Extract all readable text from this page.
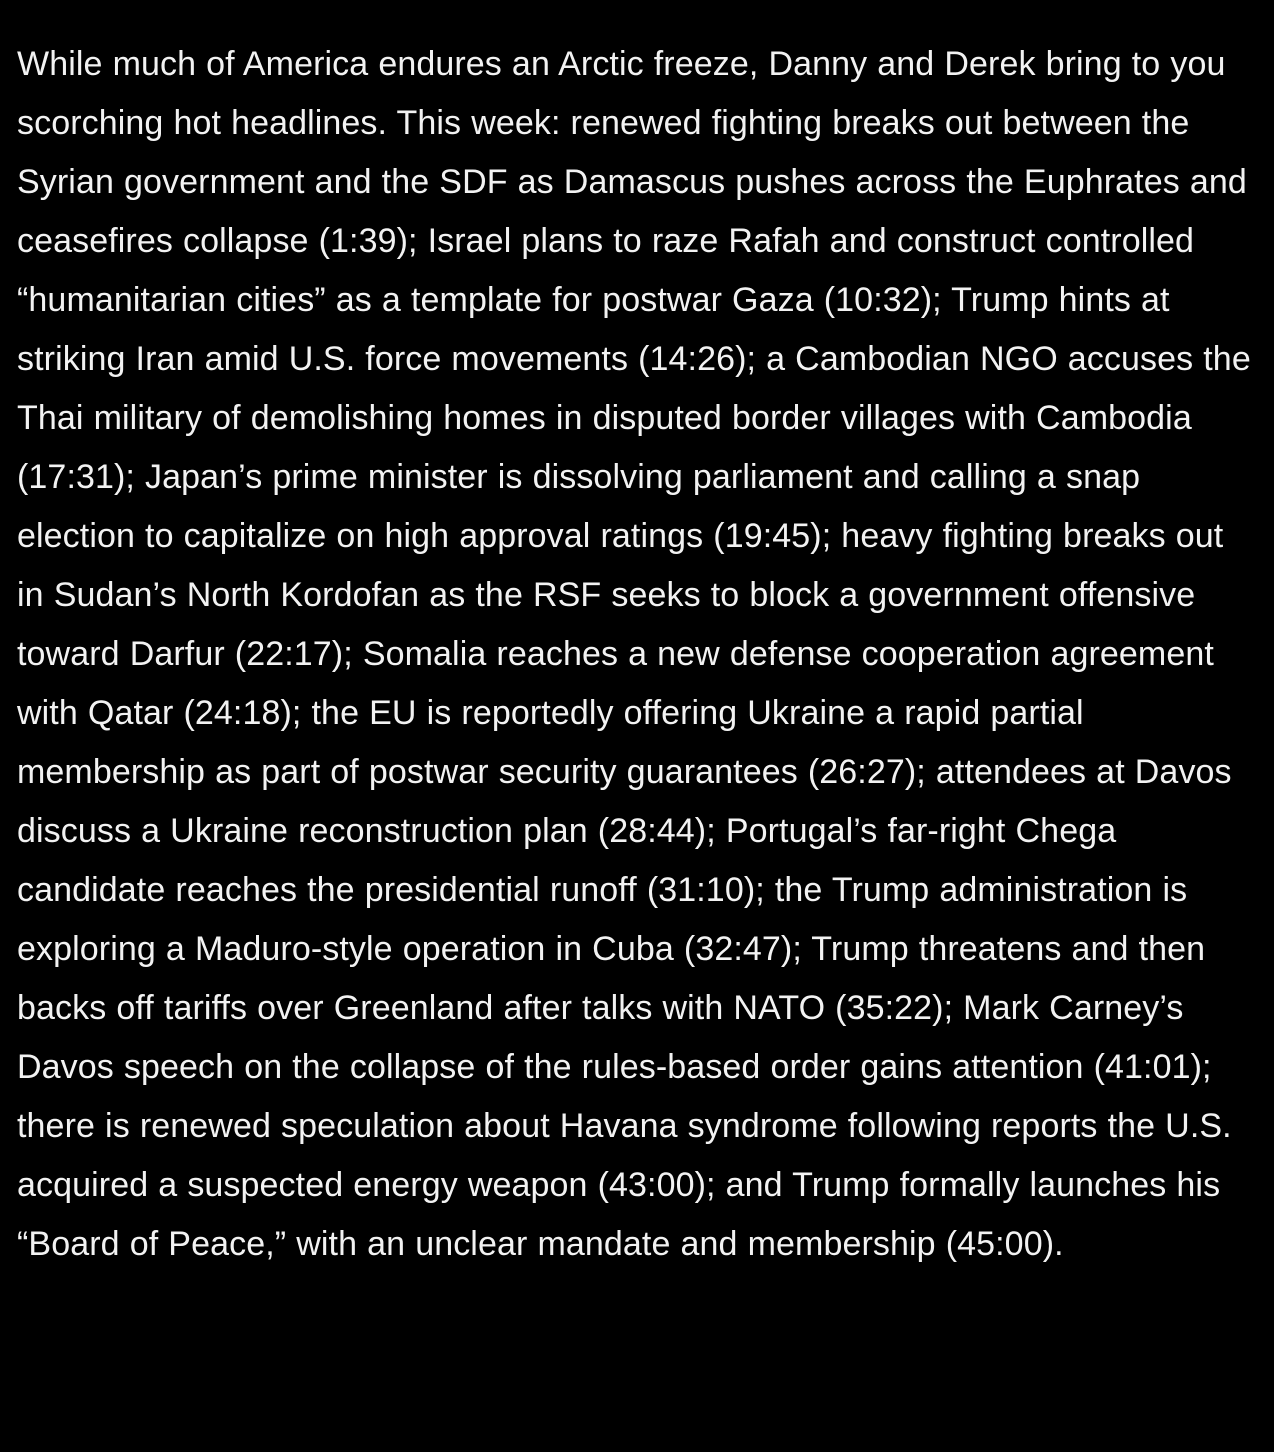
While much of America endures an Arctic freeze, Danny and Derek bring to you scorching hot headlines. This week: renewed fighting breaks out between the Syrian government and the SDF as Damascus pushes across the Euphrates and ceasefires collapse (1:39); Israel plans to raze Rafah and construct controlled “humanitarian cities” as a template for postwar Gaza (10:32); Trump hints at striking Iran amid U.S. force movements (14:26); a Cambodian NGO accuses the Thai military of demolishing homes in disputed border villages with Cambodia (17:31); Japan’s prime minister is dissolving parliament and calling a snap election to capitalize on high approval ratings (19:45); heavy fighting breaks out in Sudan’s North Kordofan as the RSF seeks to block a government offensive toward Darfur (22:17); Somalia reaches a new defense cooperation agreement with Qatar (24:18); the EU is reportedly offering Ukraine a rapid partial membership as part of postwar security guarantees (26:27); attendees at Davos discuss a Ukraine reconstruction plan (28:44); Portugal’s far-right Chega candidate reaches the presidential runoff (31:10); the Trump administration is exploring a Maduro-style operation in Cuba (32:47); Trump threatens and then backs off tariffs over Greenland after talks with NATO (35:22); Mark Carney’s Davos speech on the collapse of the rules-based order gains attention (41:01); there is renewed speculation about Havana syndrome following reports the U.S. acquired a suspected energy weapon (43:00); and Trump formally launches his “Board of Peace,” with an unclear mandate and membership (45:00).
